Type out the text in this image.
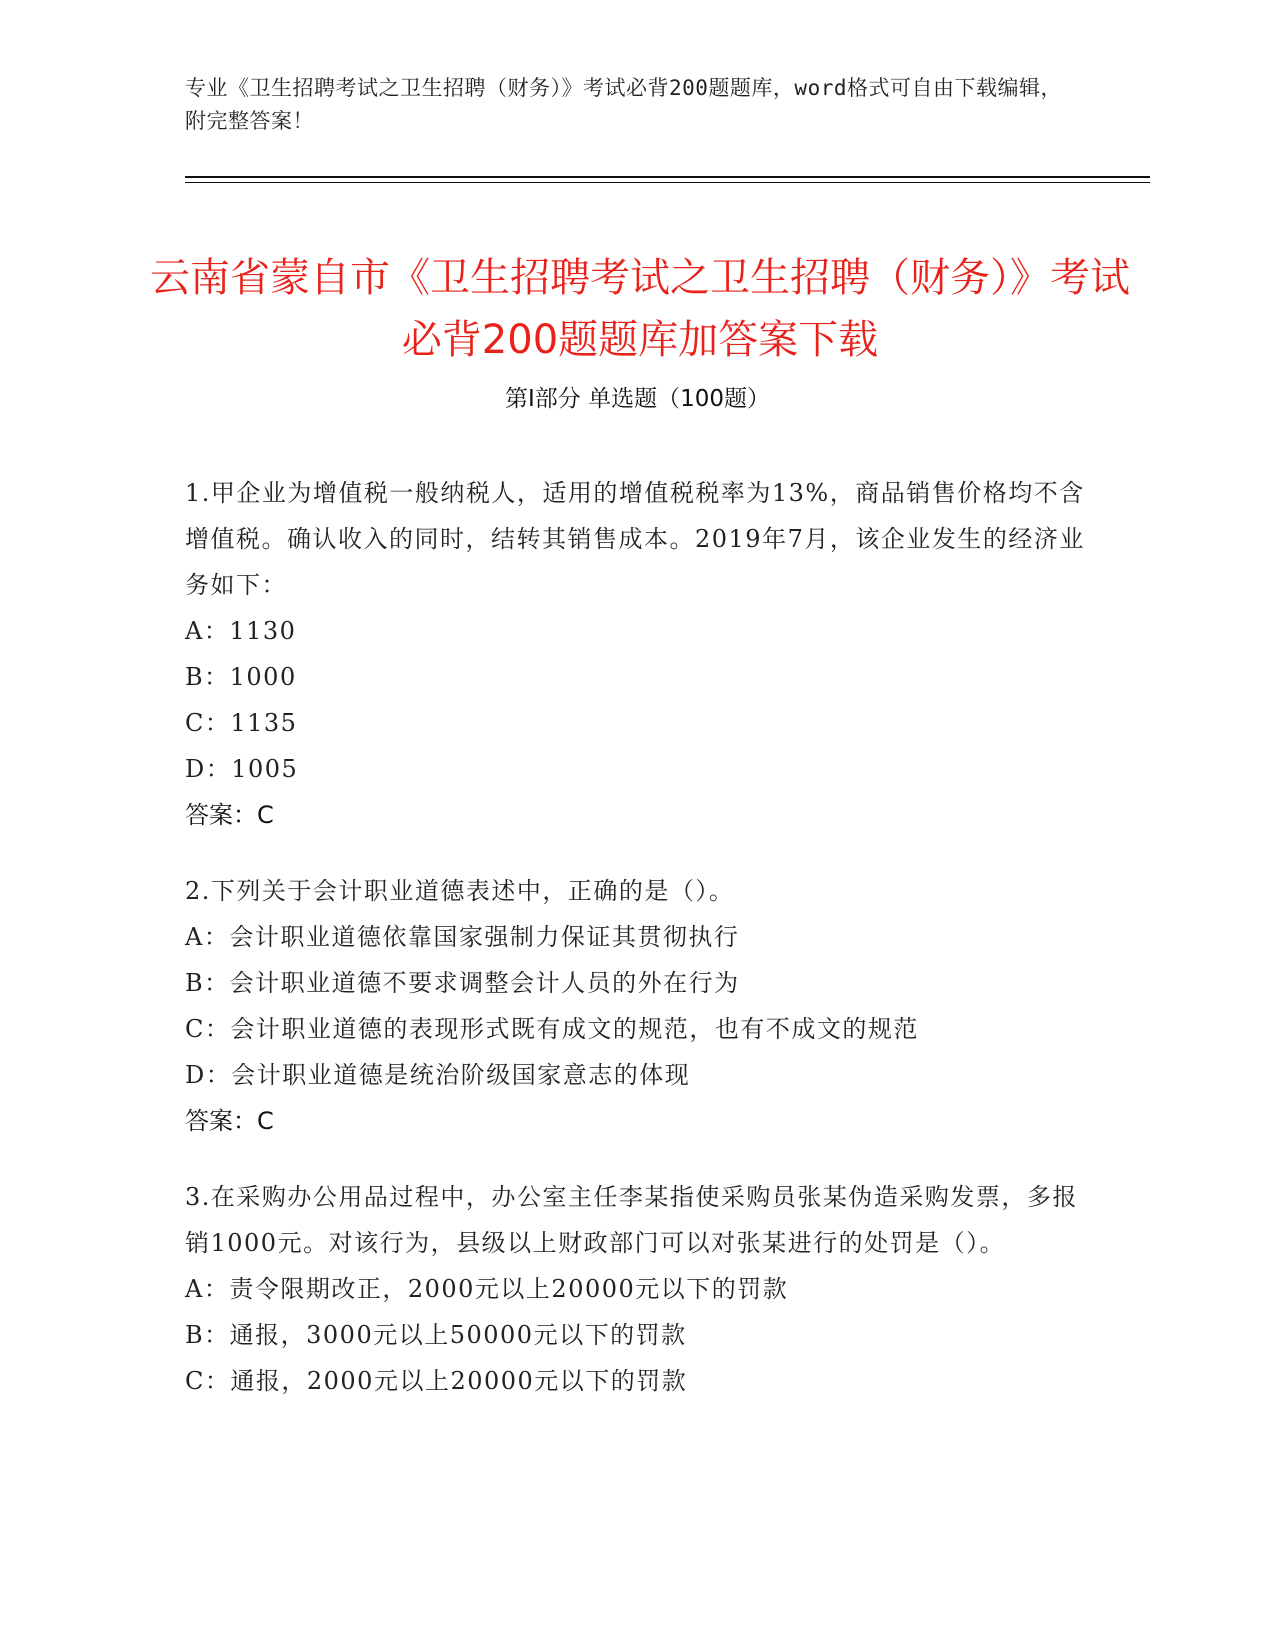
专业《卫生招聘考试之卫生招聘（财务）》考试必背200题题库，word格式可自由下载编辑，附完整答案！
云南省蒙自市《卫生招聘考试之卫生招聘（财务）》考试必背200题题库加答案下载
第I部分 单选题（100题）

1.甲企业为增值税一般纳税人，适用的增值税税率为13%，商品销售价格均不含增值税。确认收入的同时，结转其销售成本。2019年7月，该企业发生的经济业务如下：

A：1130

B：1000

C：1135

D：1005

答案：C

2.下列关于会计职业道德表述中，正确的是（）。

A：会计职业道德依靠国家强制力保证其贯彻执行

B：会计职业道德不要求调整会计人员的外在行为

C：会计职业道德的表现形式既有成文的规范，也有不成文的规范

D：会计职业道德是统治阶级国家意志的体现

答案：C

3.在采购办公用品过程中，办公室主任李某指使采购员张某伪造采购发票，多报销1000元。对该行为，县级以上财政部门可以对张某进行的处罚是（）。

A：责令限期改正，2000元以上20000元以下的罚款

B：通报，3000元以上50000元以下的罚款

C：通报，2000元以上20000元以下的罚款
